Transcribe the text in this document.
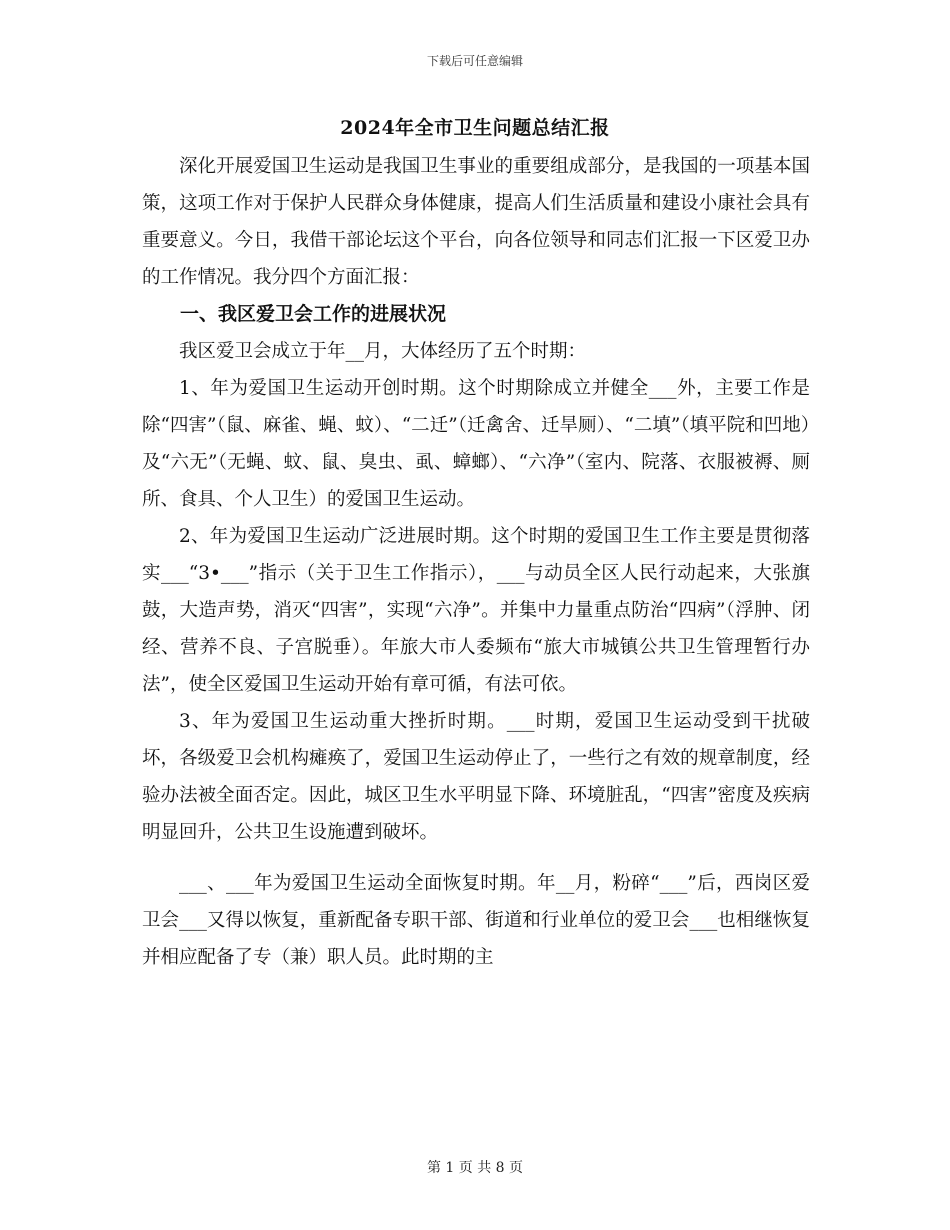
下载后可任意编辑
2024年全市卫生问题总结汇报

深化开展爱国卫生运动是我国卫生事业的重要组成部分，是我国的一项基本国策，这项工作对于保护人民群众身体健康，提高人们生活质量和建设小康社会具有重要意义。今日，我借干部论坛这个平台，向各位领导和同志们汇报一下区爱卫办的工作情况。我分四个方面汇报：

一、我区爱卫会工作的进展状况

我区爱卫会成立于年__月，大体经历了五个时期：

1、年为爱国卫生运动开创时期。这个时期除成立并健全___外，主要工作是除“四害”（鼠、麻雀、蝇、蚊）、“二迁”（迁禽舍、迁旱厕）、“二填”（填平院和凹地）及“六无”（无蝇、蚊、鼠、臭虫、虱、蟑螂）、“六净”（室内、院落、衣服被褥、厕所、食具、个人卫生）的爱国卫生运动。

2、年为爱国卫生运动广泛进展时期。这个时期的爱国卫生工作主要是贯彻落实___“3•___”指示（关于卫生工作指示），___与动员全区人民行动起来，大张旗鼓，大造声势，消灭“四害”，实现“六净”。并集中力量重点防治“四病”（浮肿、闭经、营养不良、子宫脱垂）。年旅大市人委频布“旅大市城镇公共卫生管理暂行办法”，使全区爱国卫生运动开始有章可循，有法可依。

3、年为爱国卫生运动重大挫折时期。___时期，爱国卫生运动受到干扰破坏，各级爱卫会机构瘫痪了，爱国卫生运动停止了，一些行之有效的规章制度，经验办法被全面否定。因此，城区卫生水平明显下降、环境脏乱，“四害”密度及疾病明显回升，公共卫生设施遭到破坏。

___、___年为爱国卫生运动全面恢复时期。年__月，粉碎“___”后，西岗区爱卫会___又得以恢复，重新配备专职干部、街道和行业单位的爱卫会___也相继恢复并相应配备了专（兼）职人员。此时期的主

第 1 页 共 8 页
